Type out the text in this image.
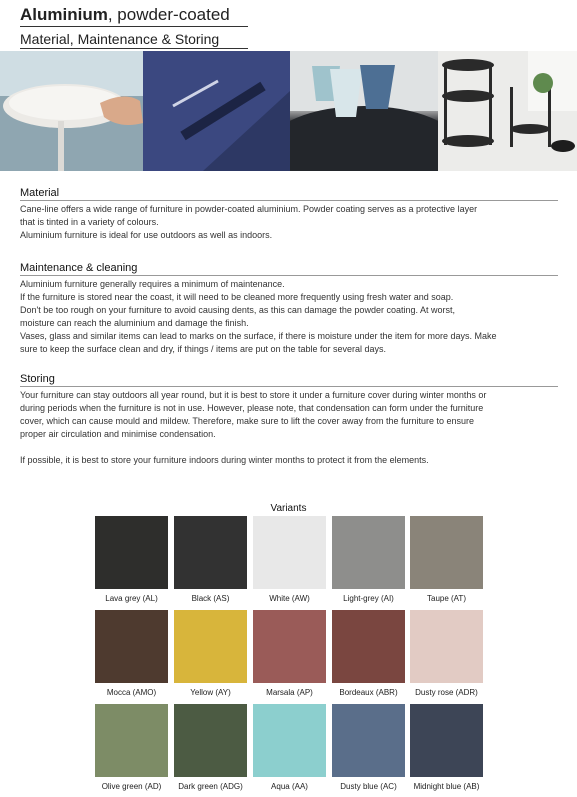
Aluminium, powder-coated
Material, Maintenance & Storing
Material

Cane-line offers a wide range of furniture in powder-coated aluminium. Powder coating serves as a protective layer
that is tinted in a variety of colours.
Aluminium furniture is ideal for use outdoors as well as indoors.

Maintenance & cleaning

Aluminium furniture generally requires a minimum of maintenance.
If the furniture is stored near the coast, it will need to be cleaned more frequently using fresh water and soap.
Don't be too rough on your furniture to avoid causing dents, as this can damage the powder coating. At worst,
moisture can reach the aluminium and damage the finish.
Vases, glass and similar items can lead to marks on the surface, if there is moisture under the item for more days. Make
sure to keep the surface clean and dry, if things / items are put on the table for several days.

Storing

Your furniture can stay outdoors all year round, but it is best to store it under a furniture cover during winter months or
during periods when the furniture is not in use. However, please note, that condensation can form under the furniture
cover, which can cause mould and mildew. Therefore, make sure to lift the cover away from the furniture to ensure
proper air circulation and minimise condensation.

If possible, it is best to store your furniture indoors during winter months to protect it from the elements.

Variants
Lava grey (AL)	Black (AS)	White (AW)	Light-grey (AI)	Taupe (AT)
Mocca (AMO)	Yellow (AY)	Marsala (AP)	Bordeaux (ABR)	Dusty rose (ADR)
Olive green (AD)	Dark green (ADG)	Aqua (AA)	Dusty blue (AC)	Midnight blue (AB)
